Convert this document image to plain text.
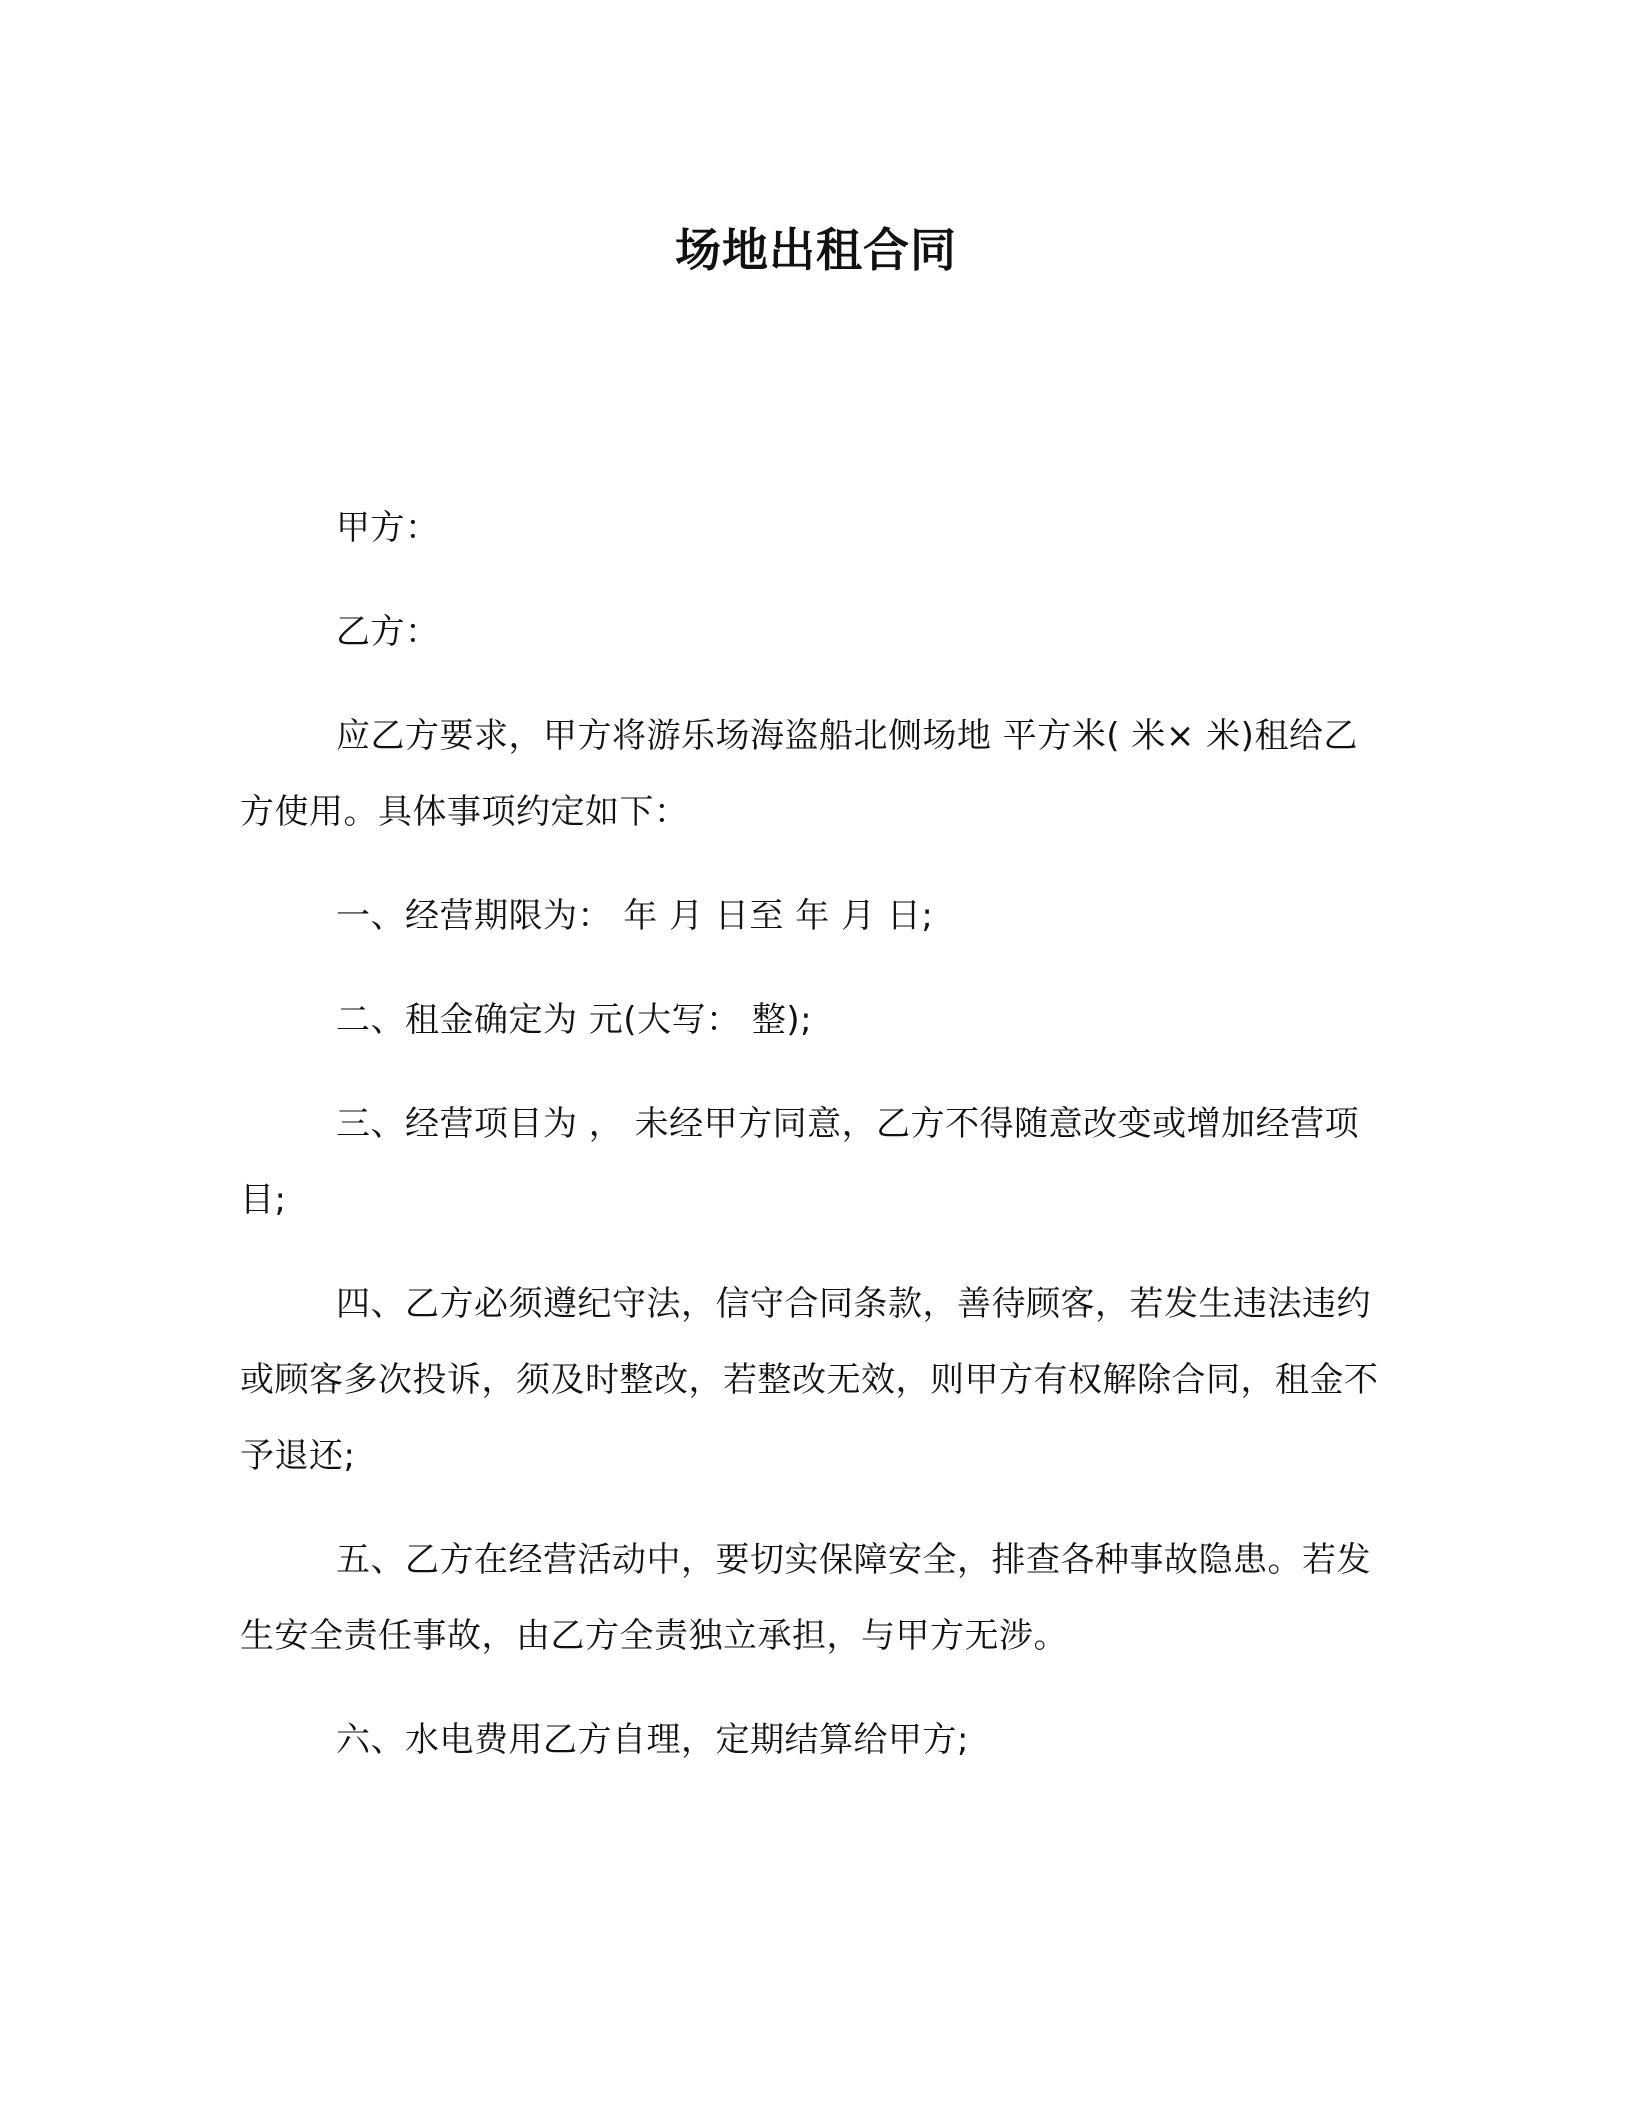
场地出租合同

甲方：

乙方：

应乙方要求，甲方将游乐场海盗船北侧场地 平方米( 米× 米)租给乙方使用。具体事项约定如下：

一、经营期限为： 年 月 日至 年 月 日;

二、租金确定为 元(大写： 整);

三、经营项目为 ， 未经甲方同意，乙方不得随意改变或增加经营项目;

四、乙方必须遵纪守法，信守合同条款，善待顾客，若发生违法违约或顾客多次投诉，须及时整改，若整改无效，则甲方有权解除合同，租金不予退还;

五、乙方在经营活动中，要切实保障安全，排查各种事故隐患。若发生安全责任事故，由乙方全责独立承担，与甲方无涉。

六、水电费用乙方自理，定期结算给甲方;
